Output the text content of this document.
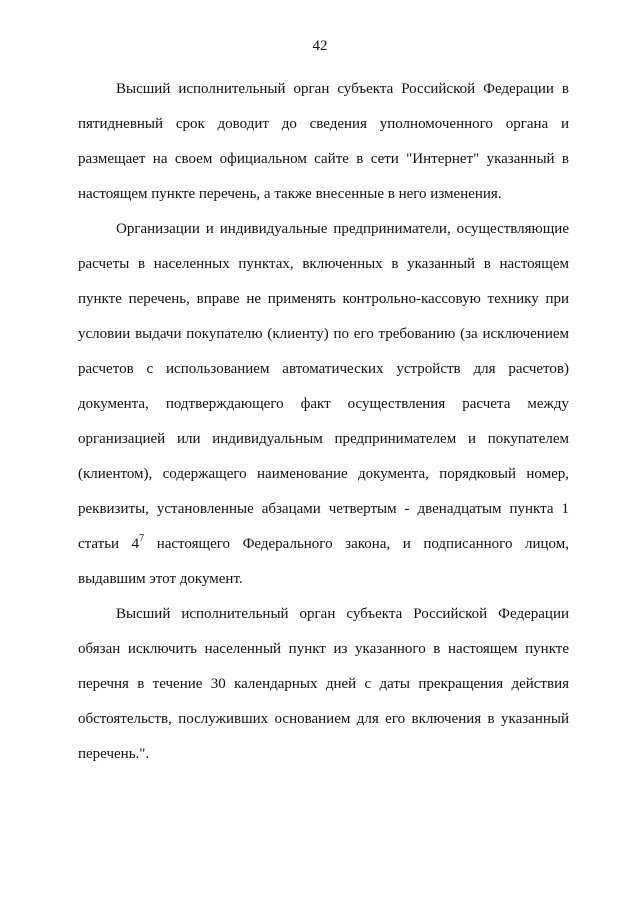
42

Высший исполнительный орган субъекта Российской Федерации в
пятидневный срок доводит до сведения уполномоченного органа и
размещает на своем официальном сайте в сети "Интернет" указанный в
настоящем пункте перечень, а также внесенные в него изменения.

Организации и индивидуальные предприниматели, осуществляющие
расчеты в населенных пунктах, включенных в указанный в настоящем
пункте перечень, вправе не применять контрольно-кассовую технику при
условии выдачи покупателю (клиенту) по его требованию (за исключением
расчетов с использованием автоматических устройств для расчетов)
документа, подтверждающего факт осуществления расчета между
организацией или индивидуальным предпринимателем и покупателем
(клиентом), содержащего наименование документа, порядковый номер,
реквизиты, установленные абзацами четвертым - двенадцатым пункта 1
статьи $4^7$ настоящего Федерального закона, и подписанного лицом,
выдавшим этот документ.

Высший исполнительный орган субъекта Российской Федерации
обязан исключить населенный пункт из указанного в настоящем пункте
перечня в течение 30 календарных дней с даты прекращения действия
обстоятельств, послуживших основанием для его включения в указанный
перечень.".
